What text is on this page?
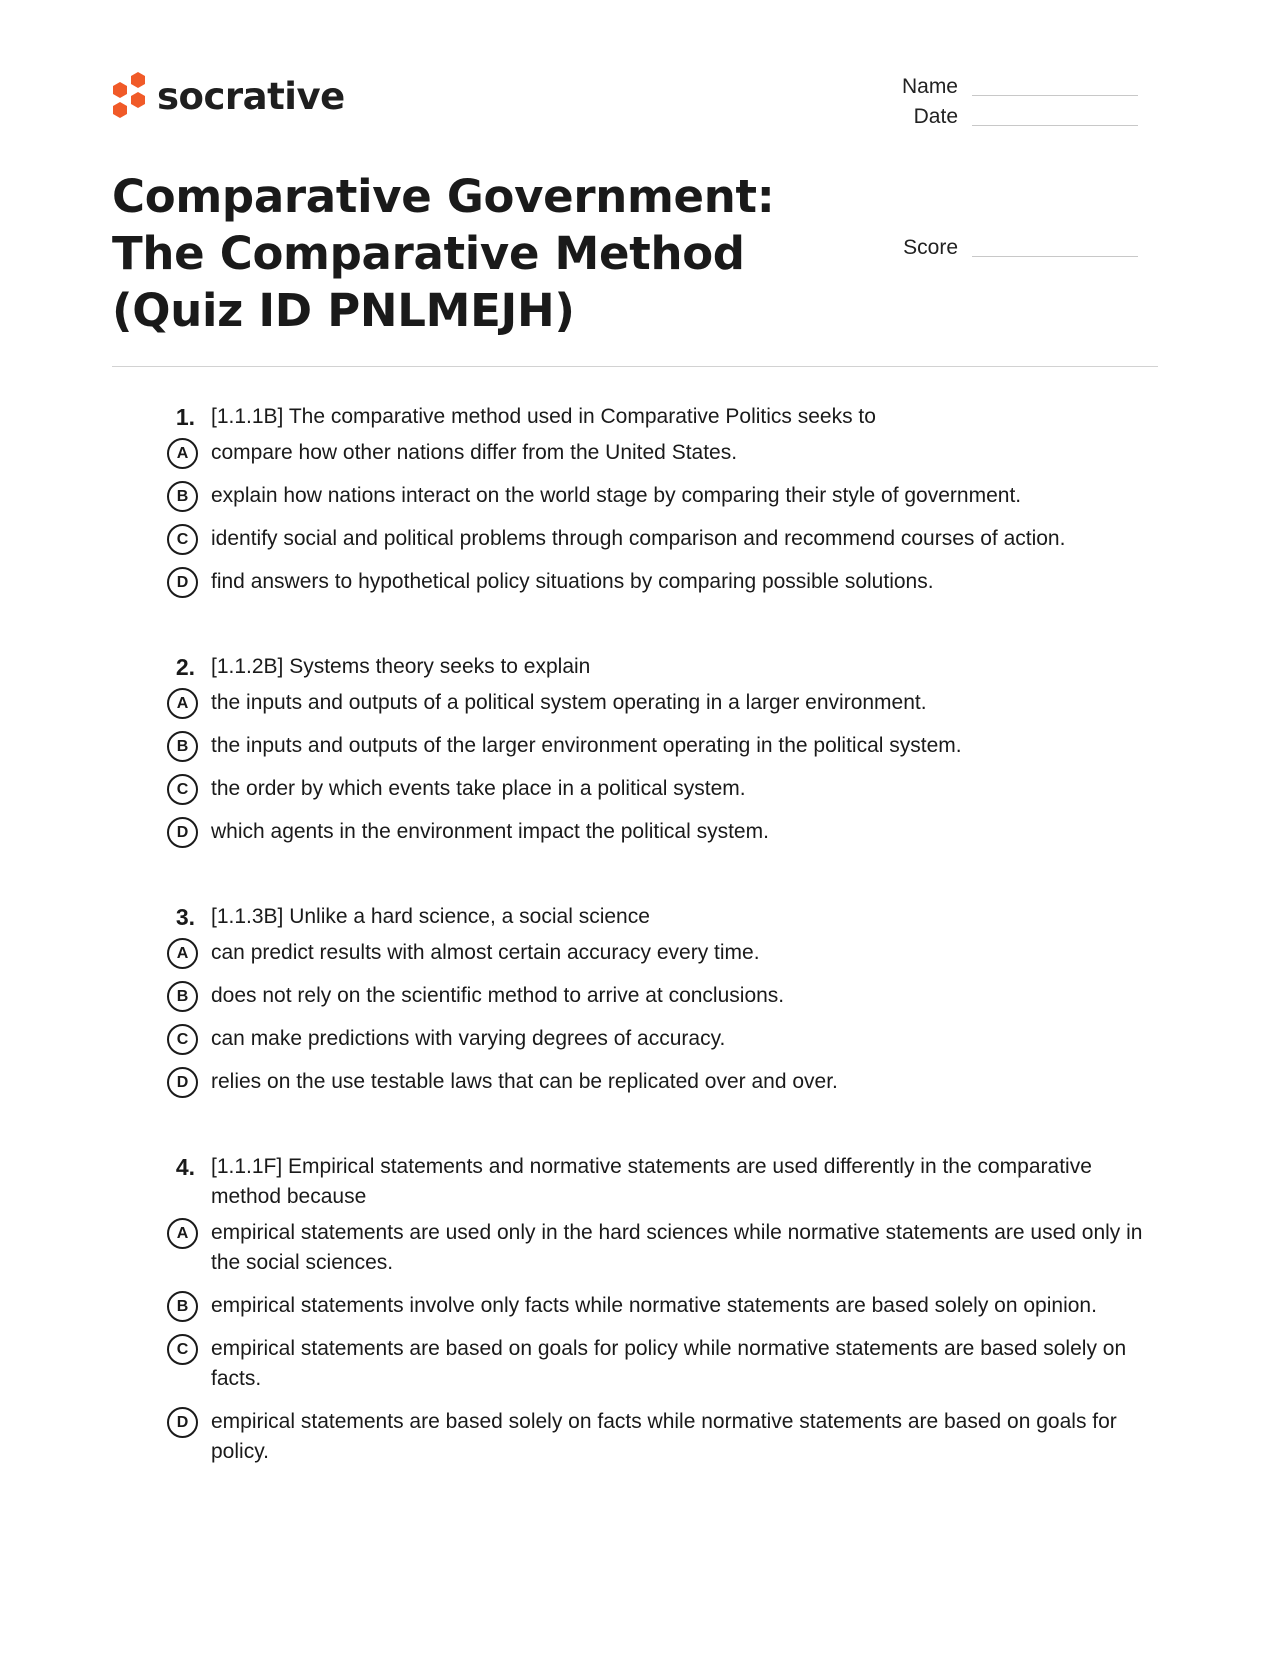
socrative	Name
Date
Score
Comparative Government: The Comparative Method (Quiz ID PNLMEJH)
1. [1.1.1B] The comparative method used in Comparative Politics seeks to
A	compare how other nations differ from the United States.
B	explain how nations interact on the world stage by comparing their style of government.
C	identify social and political problems through comparison and recommend courses of action.
D	find answers to hypothetical policy situations by comparing possible solutions.
2. [1.1.2B] Systems theory seeks to explain
A	the inputs and outputs of a political system operating in a larger environment.
B	the inputs and outputs of the larger environment operating in the political system.
C	the order by which events take place in a political system.
D	which agents in the environment impact the political system.
3. [1.1.3B] Unlike a hard science, a social science
A	can predict results with almost certain accuracy every time.
B	does not rely on the scientific method to arrive at conclusions.
C	can make predictions with varying degrees of accuracy.
D	relies on the use testable laws that can be replicated over and over.
4. [1.1.1F] Empirical statements and normative statements are used differently in the comparative method because
A	empirical statements are used only in the hard sciences while normative statements are used only in the social sciences.
B	empirical statements involve only facts while normative statements are based solely on opinion.
C	empirical statements are based on goals for policy while normative statements are based solely on facts.
D	empirical statements are based solely on facts while normative statements are based on goals for policy.
